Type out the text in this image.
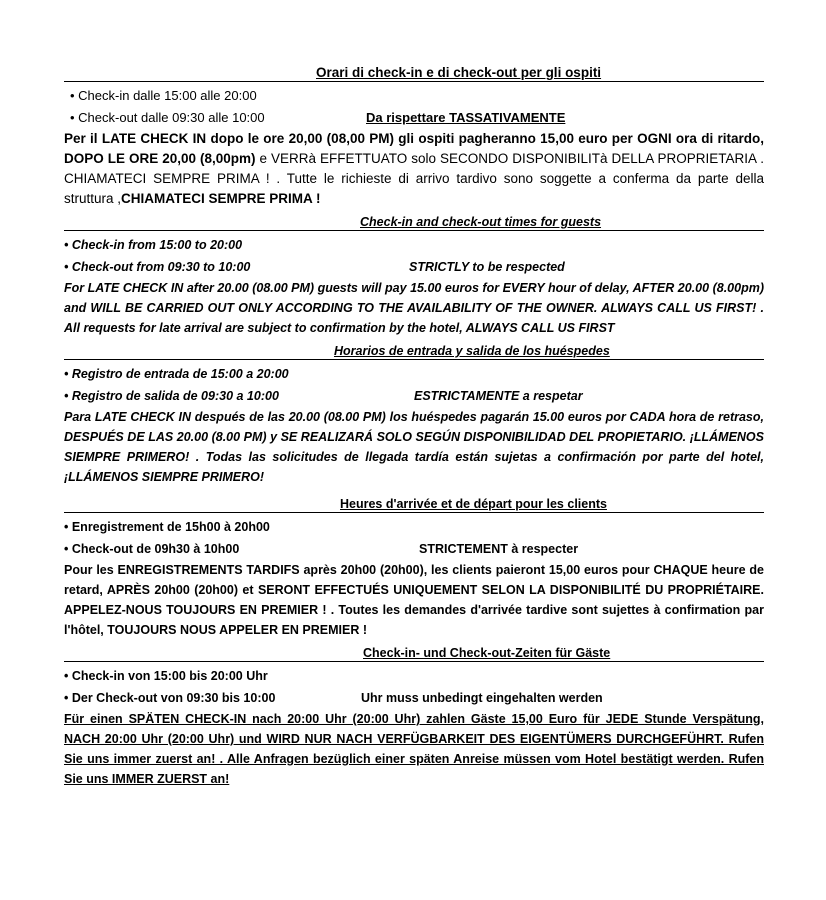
Orari di check-in e di check-out per gli ospiti
• Check-in dalle 15:00 alle 20:00
• Check-out dalle 09:30 alle 10:00	Da rispettare TASSATIVAMENTE

Per il LATE CHECK IN dopo le ore 20,00 (08,00 PM) gli ospiti pagheranno 15,00 euro per OGNI ora di ritardo, DOPO LE ORE 20,00 (8,00pm) e VERRà EFFETTUATO solo SECONDO DISPONIBILITà DELLA PROPRIETARIA . CHIAMATECI SEMPRE PRIMA ! . Tutte le richieste di arrivo tardivo sono soggette a conferma da parte della struttura ,CHIAMATECI SEMPRE PRIMA !

Check-in and check-out times for guests
• Check-in from 15:00 to 20:00
• Check-out from 09:30 to 10:00	STRICTLY to be respected

For LATE CHECK IN after 20.00 (08.00 PM) guests will pay 15.00 euros for EVERY hour of delay, AFTER 20.00 (8.00pm) and WILL BE CARRIED OUT ONLY ACCORDING TO THE AVAILABILITY OF THE OWNER. ALWAYS CALL US FIRST! . All requests for late arrival are subject to confirmation by the hotel, ALWAYS CALL US FIRST

Horarios de entrada y salida de los huéspedes
• Registro de entrada de 15:00 a 20:00
• Registro de salida de 09:30 a 10:00	ESTRICTAMENTE a respetar

Para LATE CHECK IN después de las 20.00 (08.00 PM) los huéspedes pagarán 15.00 euros por CADA hora de retraso, DESPUÉS DE LAS 20.00 (8.00 PM) y SE REALIZARÁ SOLO SEGÚN DISPONIBILIDAD DEL PROPIETARIO. ¡LLÁMENOS SIEMPRE PRIMERO! . Todas las solicitudes de llegada tardía están sujetas a confirmación por parte del hotel, ¡LLÁMENOS SIEMPRE PRIMERO!

Heures d'arrivée et de départ pour les clients
• Enregistrement de 15h00 à 20h00
• Check-out de 09h30 à 10h00	STRICTEMENT à respecter

Pour les ENREGISTREMENTS TARDIFS après 20h00 (20h00), les clients paieront 15,00 euros pour CHAQUE heure de retard, APRÈS 20h00 (20h00) et SERONT EFFECTUÉS UNIQUEMENT SELON LA DISPONIBILITÉ DU PROPRIÉTAIRE. APPELEZ-NOUS TOUJOURS EN PREMIER ! . Toutes les demandes d'arrivée tardive sont sujettes à confirmation par l'hôtel, TOUJOURS NOUS APPELER EN PREMIER !

Check-in- und Check-out-Zeiten für Gäste
• Check-in von 15:00 bis 20:00 Uhr
• Der Check-out von 09:30 bis 10:00	Uhr muss unbedingt eingehalten werden

Für einen SPÄTEN CHECK-IN nach 20:00 Uhr (20:00 Uhr) zahlen Gäste 15,00 Euro für JEDE Stunde Verspätung, NACH 20:00 Uhr (20:00 Uhr) und WIRD NUR NACH VERFÜGBARKEIT DES EIGENTÜMERS DURCHGEFÜHRT. Rufen Sie uns immer zuerst an! . Alle Anfragen bezüglich einer späten Anreise müssen vom Hotel bestätigt werden. Rufen Sie uns IMMER ZUERST an!
